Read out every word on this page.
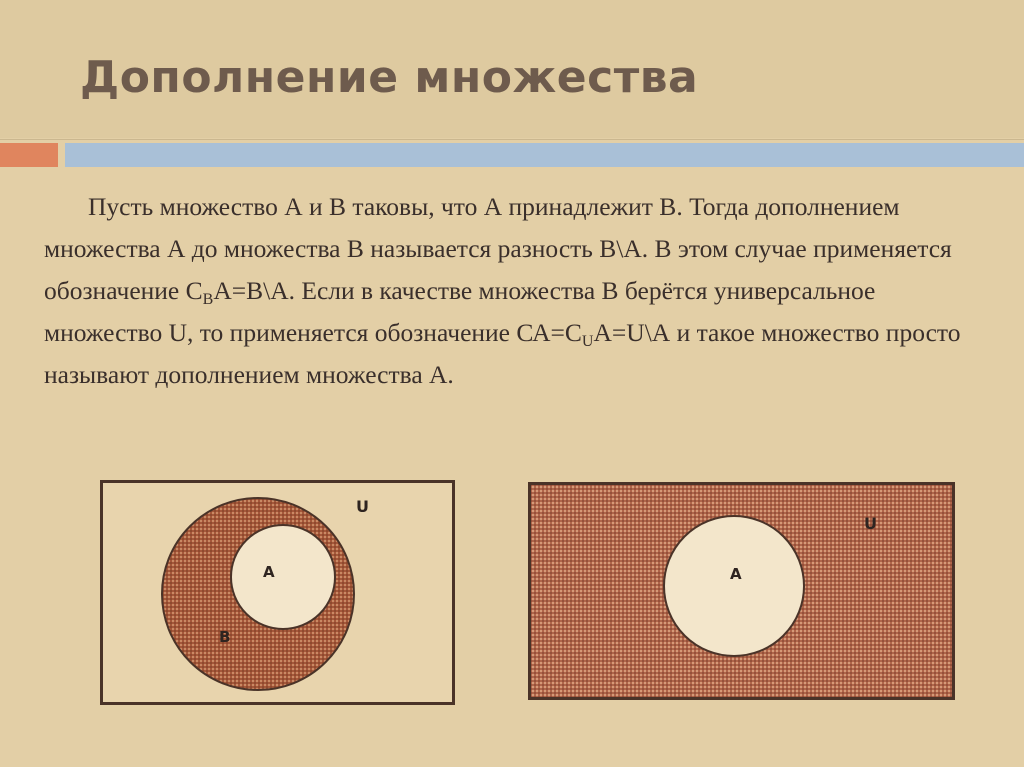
Дополнение множества

Пусть множество А и В таковы, что А принадлежит В. Тогда дополнением множества А до множества В называется разность В\А. В этом случае применяется обозначение $С_BА=В\backslash А$. Если в качестве множества В берётся универсальное множество U, то применяется обозначение $СА=С_UА=U\backslash А$ и такое множество просто называют дополнением множества А.

U
A
B
U
A
